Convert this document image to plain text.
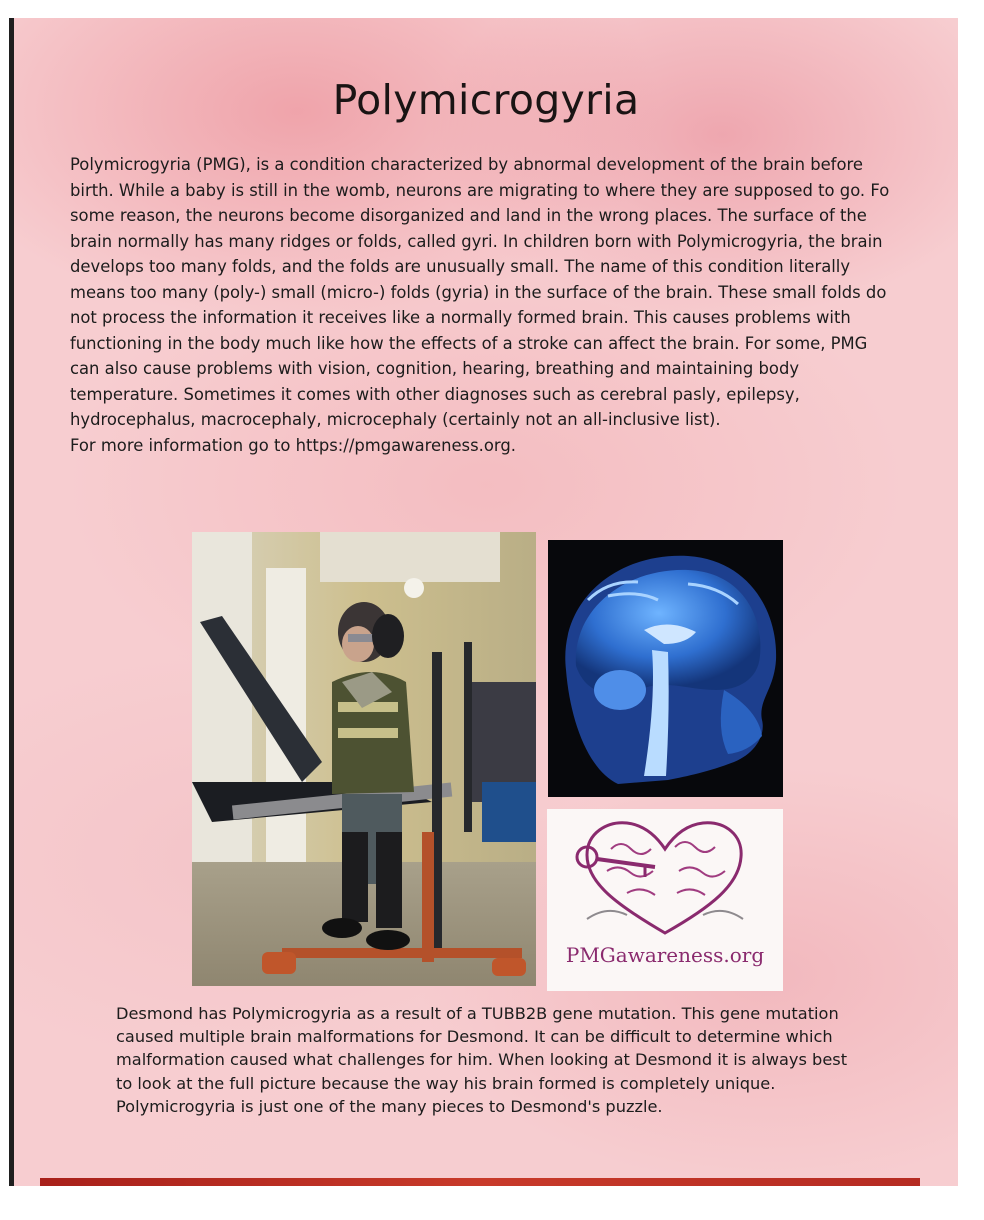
Polymicrogyria

Polymicrogyria (PMG), is a condition characterized by abnormal development of the brain before

birth. While a baby is still in the womb, neurons are migrating to where they are supposed to go. Fo

some reason, the neurons become disorganized and land in the wrong places. The surface of the

brain normally has many ridges or folds, called gyri. In children born with Polymicrogyria, the brain

develops too many folds, and the folds are unusually small. The name of this condition literally

means too many (poly-) small (micro-) folds (gyria) in the surface of the brain. These small folds do

not process the information it receives like a normally formed brain. This causes problems with

functioning in the body much like how the effects of a stroke can affect the brain. For some, PMG

can also cause problems with vision, cognition, hearing, breathing and maintaining body

temperature. Sometimes it comes with other diagnoses such as cerebral pasly, epilepsy,

hydrocephalus, macrocephaly, microcephaly (certainly not an all-inclusive list).

For more information go to https://pmgawareness.org.

PMGawareness.org

Desmond has Polymicrogyria as a result of a TUBB2B gene mutation. This gene mutation

caused multiple brain malformations for Desmond. It can be difficult to determine which

malformation caused what challenges for him. When looking at Desmond it is always best

to look at the full picture because the way his brain formed is completely unique.

Polymicrogyria is just one of the many pieces to Desmond's puzzle.
